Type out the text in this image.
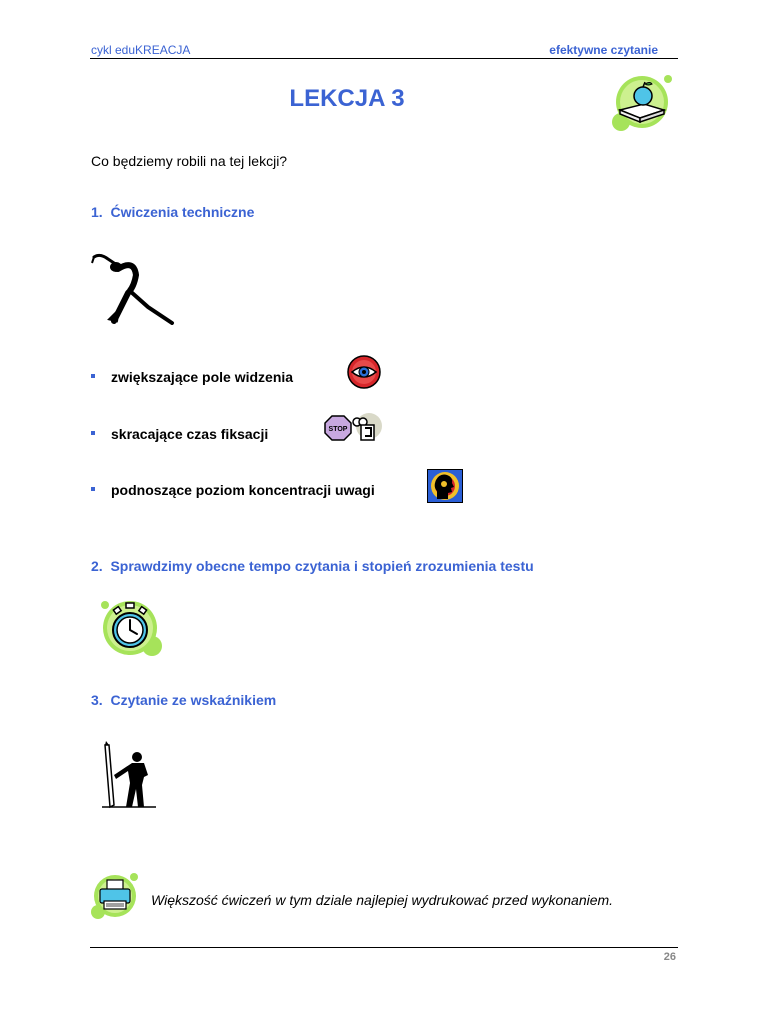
cykl eduKREACJA	efektywne czytanie
LEKCJA 3
Co będziemy robili na tej lekcji?
1. Ćwiczenia techniczne
zwiększające pole widzenia
skracające czas fiksacji	STOP
podnoszące poziom koncentracji uwagi
2. Sprawdzimy obecne tempo czytania i stopień zrozumienia testu
3. Czytanie ze wskaźnikiem
Większość ćwiczeń w tym dziale najlepiej wydrukować przed wykonaniem.
26
